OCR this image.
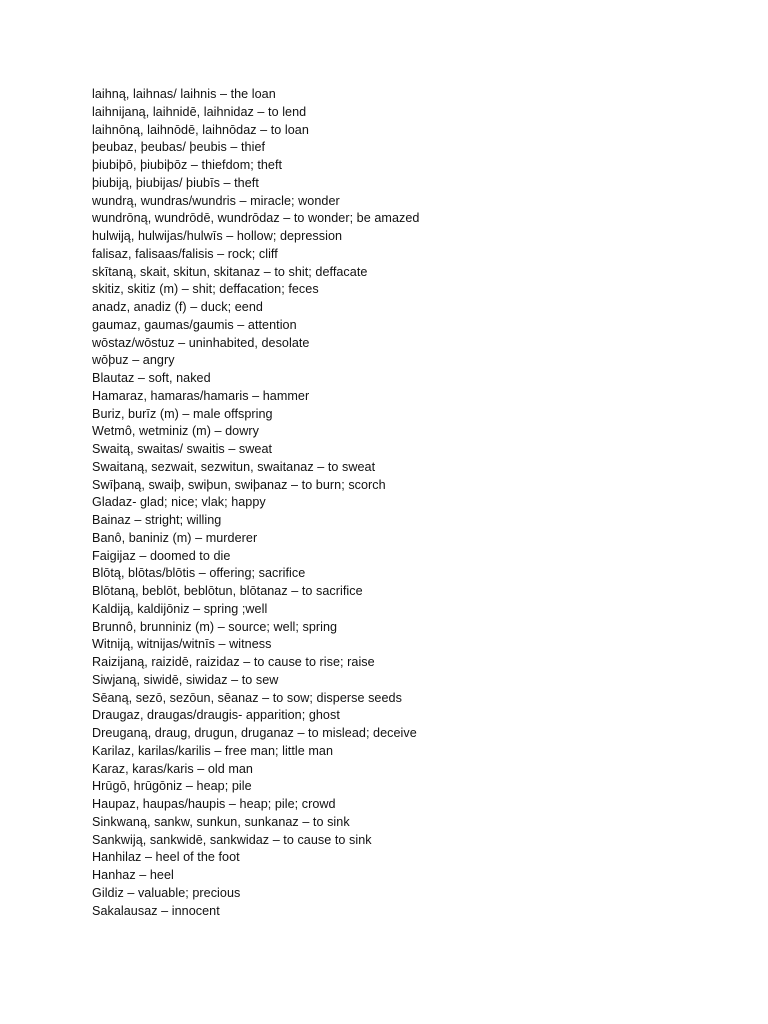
laihną, laihnas/ laihnis – the loan
laihnijaną, laihnidē, laihnidaz – to lend
laihnōną, laihnōdē, laihnōdaz – to loan
þeubaz, þeubas/ þeubis – thief
þiubiþō, þiubiþōz – thiefdom; theft
þiubiją, þiubijas/ þiubīs – theft
wundrą, wundras/wundris – miracle; wonder
wundrōną, wundrōdē, wundrōdaz – to wonder; be amazed
hulwiją, hulwijas/hulwīs – hollow; depression
falisaz, falisaas/falisis – rock; cliff
skītaną, skait, skitun, skitanaz – to shit; deffacate
skitiz, skitiz (m) – shit; deffacation; feces
anadz, anadiz (f) – duck; eend
gaumaz, gaumas/gaumis – attention
wōstaz/wōstuz – uninhabited, desolate
wōþuz – angry
Blautaz – soft, naked
Hamaraz, hamaras/hamaris – hammer
Buriz, burīz (m) – male offspring
Wetmô, wetminiz (m) – dowry
Swaitą, swaitas/ swaitis – sweat
Swaitaną, sezwait, sezwitun, swaitanaz – to sweat
Swīþaną, swaiþ, swiþun, swiþanaz – to burn; scorch
Gladaz- glad; nice; vlak; happy
Bainaz – stright; willing
Banô, baniniz (m) – murderer
Faigijaz – doomed to die
Blōtą, blōtas/blōtis – offering; sacrifice
Blōtaną, beblōt, beblōtun, blōtanaz – to sacrifice
Kaldiją, kaldijōniz – spring ;well
Brunnô, brunniniz (m) – source; well; spring
Witniją, witnijas/witnīs – witness
Raizijaną, raizidē, raizidaz – to cause to rise; raise
Siwjaną, siwidē, siwidaz – to sew
Sēaną, sezō, sezōun, sēanaz – to sow; disperse seeds
Draugaz, draugas/draugis- apparition; ghost
Dreuganą, draug, drugun, druganaz – to mislead; deceive
Karilaz, karilas/karilis – free man; little man
Karaz, karas/karis – old man
Hrūgō, hrūgōniz – heap; pile
Haupaz, haupas/haupis – heap; pile; crowd
Sinkwaną, sankw, sunkun, sunkanaz – to sink
Sankwiją, sankwidē, sankwidaz – to cause to sink
Hanhilaz – heel of the foot
Hanhaz – heel
Gildiz – valuable; precious
Sakalausaz – innocent
